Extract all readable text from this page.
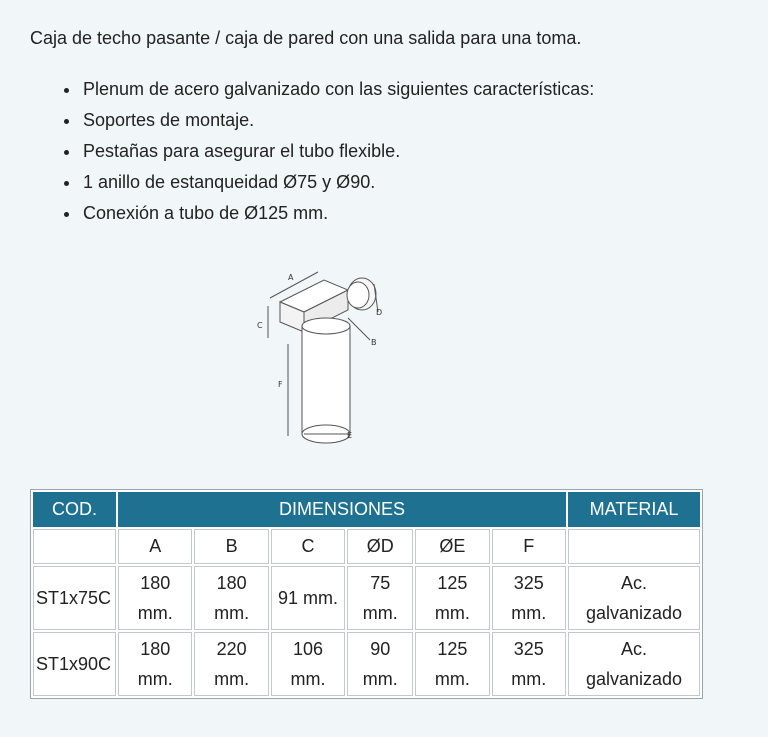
Caja de techo pasante / caja de pared con una salida para una toma.

• Plenum de acero galvanizado con las siguientes características:
• Soportes de montaje.
• Pestañas para asegurar el tubo flexible.
• 1 anillo de estanqueidad Ø75 y Ø90.
• Conexión a tubo de Ø125 mm.
A
C
D
B
F
E
COD.	DIMENSIONES						MATERIAL
	A	B	C	ØD	ØE	F	
ST1x75C	180 mm.	180 mm.	91 mm.	75 mm.	125 mm.	325 mm.	Ac. galvanizado
ST1x90C	180 mm.	220 mm.	106 mm.	90 mm.	125 mm.	325 mm.	Ac. galvanizado
